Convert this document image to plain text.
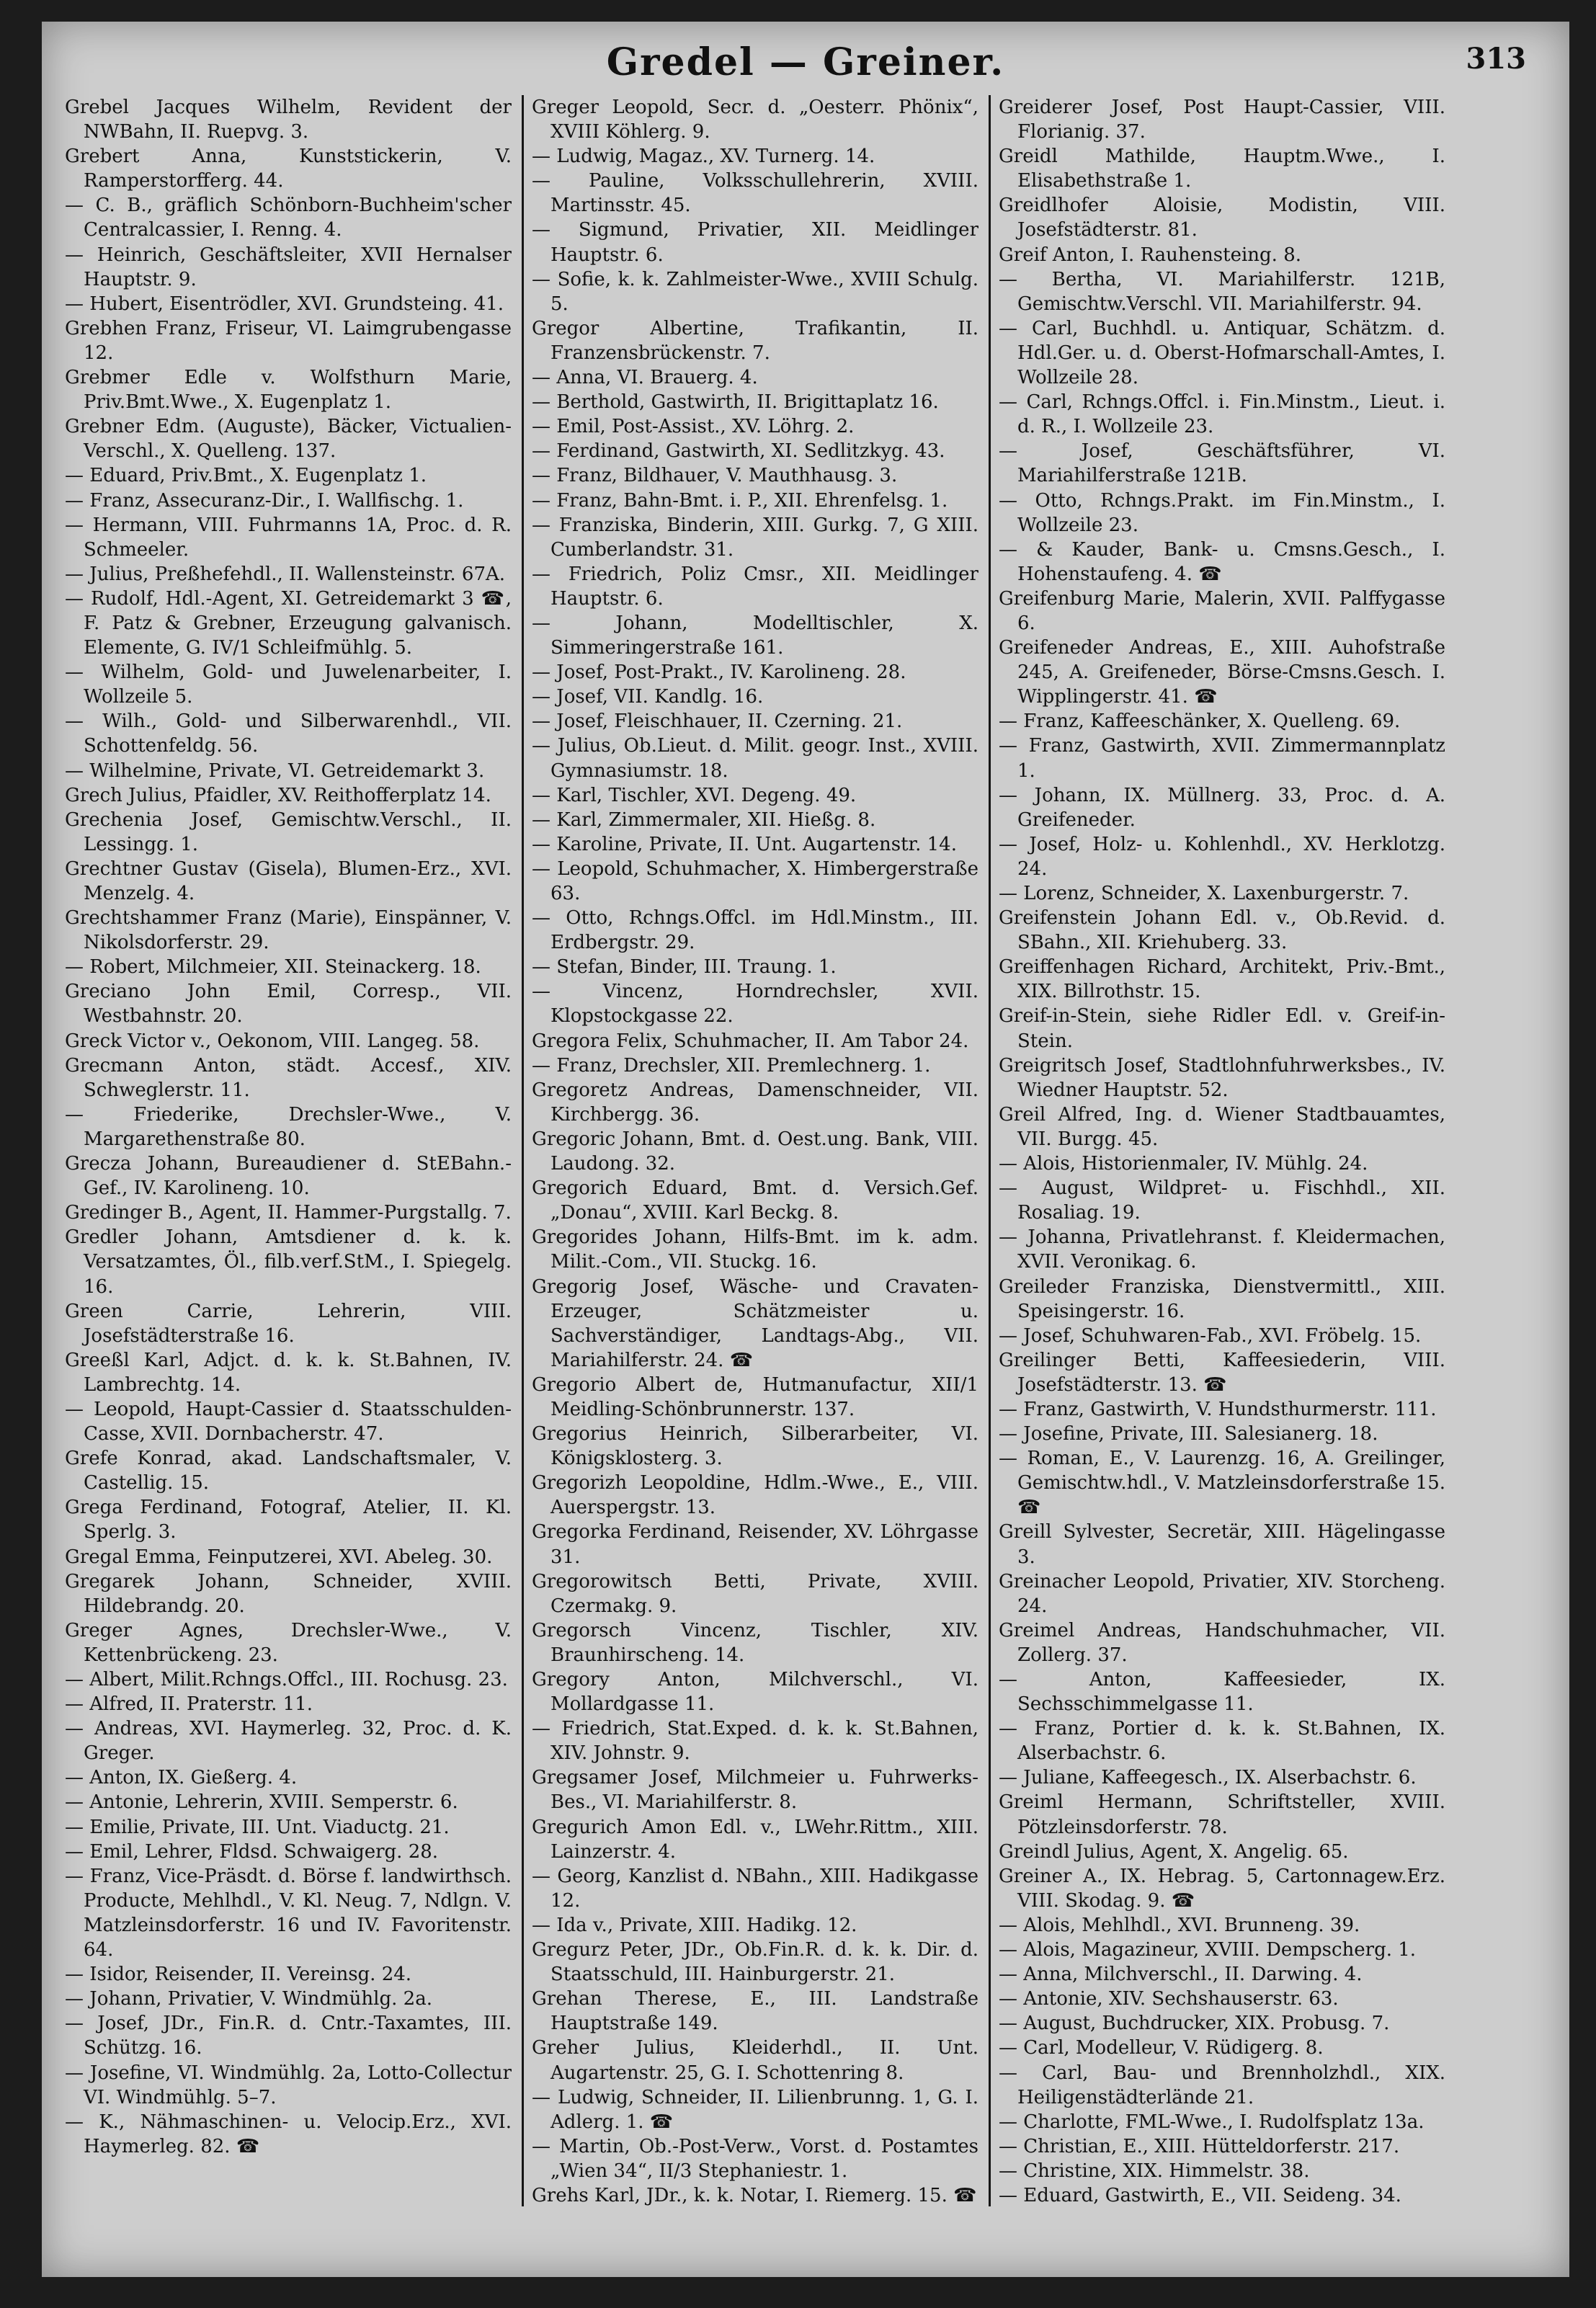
Gredel — Greiner.	313

Grebel Jacques Wilhelm, Revident der NWBahn, II. Ruepvg. 3.

Grebert Anna, Kunststickerin, V. Ramperstorfferg. 44.

— C. B., gräflich Schönborn-Buchheim'scher Centralcassier, I. Renng. 4.

— Heinrich, Geschäftsleiter, XVII Hernalser Hauptstr. 9.

— Hubert, Eisentrödler, XVI. Grundsteing. 41.

Grebhen Franz, Friseur, VI. Laimgrubengasse 12.

Grebmer Edle v. Wolfsthurn Marie, Priv.Bmt.Wwe., X. Eugenplatz 1.

Grebner Edm. (Auguste), Bäcker, Victualien-Verschl., X. Quelleng. 137.

— Eduard, Priv.Bmt., X. Eugenplatz 1.

— Franz, Assecuranz-Dir., I. Wallfischg. 1.

— Hermann, VIII. Fuhrmanns 1A, Proc. d. R. Schmeeler.

— Julius, Preßhefehdl., II. Wallensteinstr. 67A.

— Rudolf, Hdl.-Agent, XI. Getreidemarkt 3 ☎, F. Patz & Grebner, Erzeugung galvanisch. Elemente, G. IV/1 Schleifmühlg. 5.

— Wilhelm, Gold- und Juwelenarbeiter, I. Wollzeile 5.

— Wilh., Gold- und Silberwarenhdl., VII. Schottenfeldg. 56.

— Wilhelmine, Private, VI. Getreidemarkt 3.

Grech Julius, Pfaidler, XV. Reithofferplatz 14.

Grechenia Josef, Gemischtw.Verschl., II. Lessingg. 1.

Grechtner Gustav (Gisela), Blumen-Erz., XVI. Menzelg. 4.

Grechtshammer Franz (Marie), Einspänner, V. Nikolsdorferstr. 29.

— Robert, Milchmeier, XII. Steinackerg. 18.

Greciano John Emil, Corresp., VII. Westbahnstr. 20.

Greck Victor v., Oekonom, VIII. Langeg. 58.

Grecmann Anton, städt. Accesf., XIV. Schweglerstr. 11.

— Friederike, Drechsler-Wwe., V. Margarethenstraße 80.

Grecza Johann, Bureaudiener d. StEBahn.-Gef., IV. Karolineng. 10.

Gredinger B., Agent, II. Hammer-Purgstallg. 7.

Gredler Johann, Amtsdiener d. k. k. Versatzamtes, Öl., filb.verf.StM., I. Spiegelg. 16.

Green Carrie, Lehrerin, VIII. Josefstädterstraße 16.

Greeßl Karl, Adjct. d. k. k. St.Bahnen, IV. Lambrechtg. 14.

— Leopold, Haupt-Cassier d. Staatsschulden-Casse, XVII. Dornbacherstr. 47.

Grefe Konrad, akad. Landschaftsmaler, V. Castellig. 15.

Grega Ferdinand, Fotograf, Atelier, II. Kl. Sperlg. 3.

Gregal Emma, Feinputzerei, XVI. Abeleg. 30.

Gregarek Johann, Schneider, XVIII. Hildebrandg. 20.

Greger Agnes, Drechsler-Wwe., V. Kettenbrückeng. 23.

— Albert, Milit.Rchngs.Offcl., III. Rochusg. 23.

— Alfred, II. Praterstr. 11.

— Andreas, XVI. Haymerleg. 32, Proc. d. K. Greger.

— Anton, IX. Gießerg. 4.

— Antonie, Lehrerin, XVIII. Semperstr. 6.

— Emilie, Private, III. Unt. Viaductg. 21.

— Emil, Lehrer, Fldsd. Schwaigerg. 28.

— Franz, Vice-Präsdt. d. Börse f. landwirthsch. Producte, Mehlhdl., V. Kl. Neug. 7, Ndlgn. V. Matzleinsdorferstr. 16 und IV. Favoritenstr. 64.

— Isidor, Reisender, II. Vereinsg. 24.

— Johann, Privatier, V. Windmühlg. 2a.

— Josef, JDr., Fin.R. d. Cntr.-Taxamtes, III. Schützg. 16.

— Josefine, VI. Windmühlg. 2a, Lotto-Collectur VI. Windmühlg. 5–7.

— K., Nähmaschinen- u. Velocip.Erz., XVI. Haymerleg. 82. ☎

Greger Leopold, Secr. d. „Oesterr. Phönix“, XVIII Köhlerg. 9.

— Ludwig, Magaz., XV. Turnerg. 14.

— Pauline, Volksschullehrerin, XVIII. Martinsstr. 45.

— Sigmund, Privatier, XII. Meidlinger Hauptstr. 6.

— Sofie, k. k. Zahlmeister-Wwe., XVIII Schulg. 5.

Gregor Albertine, Trafikantin, II. Franzensbrückenstr. 7.

— Anna, VI. Brauerg. 4.

— Berthold, Gastwirth, II. Brigittaplatz 16.

— Emil, Post-Assist., XV. Löhrg. 2.

— Ferdinand, Gastwirth, XI. Sedlitzkyg. 43.

— Franz, Bildhauer, V. Mauthhausg. 3.

— Franz, Bahn-Bmt. i. P., XII. Ehrenfelsg. 1.

— Franziska, Binderin, XIII. Gurkg. 7, G XIII. Cumberlandstr. 31.

— Friedrich, Poliz Cmsr., XII. Meidlinger Hauptstr. 6.

— Johann, Modelltischler, X. Simmeringerstraße 161.

— Josef, Post-Prakt., IV. Karolineng. 28.

— Josef, VII. Kandlg. 16.

— Josef, Fleischhauer, II. Czerning. 21.

— Julius, Ob.Lieut. d. Milit. geogr. Inst., XVIII. Gymnasiumstr. 18.

— Karl, Tischler, XVI. Degeng. 49.

— Karl, Zimmermaler, XII. Hießg. 8.

— Karoline, Private, II. Unt. Augartenstr. 14.

— Leopold, Schuhmacher, X. Himbergerstraße 63.

— Otto, Rchngs.Offcl. im Hdl.Minstm., III. Erdbergstr. 29.

— Stefan, Binder, III. Traung. 1.

— Vincenz, Horndrechsler, XVII. Klopstockgasse 22.

Gregora Felix, Schuhmacher, II. Am Tabor 24.

— Franz, Drechsler, XII. Premlechnerg. 1.

Gregoretz Andreas, Damenschneider, VII. Kirchbergg. 36.

Gregoric Johann, Bmt. d. Oest.ung. Bank, VIII. Laudong. 32.

Gregorich Eduard, Bmt. d. Versich.Gef. „Donau“, XVIII. Karl Beckg. 8.

Gregorides Johann, Hilfs-Bmt. im k. adm. Milit.-Com., VII. Stuckg. 16.

Gregorig Josef, Wäsche- und Cravaten-Erzeuger, Schätzmeister u. Sachverständiger, Landtags-Abg., VII. Mariahilferstr. 24. ☎

Gregorio Albert de, Hutmanufactur, XII/1 Meidling-Schönbrunnerstr. 137.

Gregorius Heinrich, Silberarbeiter, VI. Königsklosterg. 3.

Gregorizh Leopoldine, Hdlm.-Wwe., E., VIII. Auerspergstr. 13.

Gregorka Ferdinand, Reisender, XV. Löhrgasse 31.

Gregorowitsch Betti, Private, XVIII. Czermakg. 9.

Gregorsch Vincenz, Tischler, XIV. Braunhirscheng. 14.

Gregory Anton, Milchverschl., VI. Mollardgasse 11.

— Friedrich, Stat.Exped. d. k. k. St.Bahnen, XIV. Johnstr. 9.

Gregsamer Josef, Milchmeier u. Fuhrwerks-Bes., VI. Mariahilferstr. 8.

Gregurich Amon Edl. v., LWehr.Rittm., XIII. Lainzerstr. 4.

— Georg, Kanzlist d. NBahn., XIII. Hadikgasse 12.

— Ida v., Private, XIII. Hadikg. 12.

Gregurz Peter, JDr., Ob.Fin.R. d. k. k. Dir. d. Staatsschuld, III. Hainburgerstr. 21.

Grehan Therese, E., III. Landstraße Hauptstraße 149.

Greher Julius, Kleiderhdl., II. Unt. Augartenstr. 25, G. I. Schottenring 8.

— Ludwig, Schneider, II. Lilienbrunng. 1, G. I. Adlerg. 1. ☎

— Martin, Ob.-Post-Verw., Vorst. d. Postamtes „Wien 34“, II/3 Stephaniestr. 1.

Grehs Karl, JDr., k. k. Notar, I. Riemerg. 15. ☎

Greiderer Josef, Post Haupt-Cassier, VIII. Florianig. 37.

Greidl Mathilde, Hauptm.Wwe., I. Elisabethstraße 1.

Greidlhofer Aloisie, Modistin, VIII. Josefstädterstr. 81.

Greif Anton, I. Rauhensteing. 8.

— Bertha, VI. Mariahilferstr. 121B, Gemischtw.Verschl. VII. Mariahilferstr. 94.

— Carl, Buchhdl. u. Antiquar, Schätzm. d. Hdl.Ger. u. d. Oberst-Hofmarschall-Amtes, I. Wollzeile 28.

— Carl, Rchngs.Offcl. i. Fin.Minstm., Lieut. i. d. R., I. Wollzeile 23.

— Josef, Geschäftsführer, VI. Mariahilferstraße 121B.

— Otto, Rchngs.Prakt. im Fin.Minstm., I. Wollzeile 23.

— & Kauder, Bank- u. Cmsns.Gesch., I. Hohenstaufeng. 4. ☎

Greifenburg Marie, Malerin, XVII. Palffygasse 6.

Greifeneder Andreas, E., XIII. Auhofstraße 245, A. Greifeneder, Börse-Cmsns.Gesch. I. Wipplingerstr. 41. ☎

— Franz, Kaffeeschänker, X. Quelleng. 69.

— Franz, Gastwirth, XVII. Zimmermannplatz 1.

— Johann, IX. Müllnerg. 33, Proc. d. A. Greifeneder.

— Josef, Holz- u. Kohlenhdl., XV. Herklotzg. 24.

— Lorenz, Schneider, X. Laxenburgerstr. 7.

Greifenstein Johann Edl. v., Ob.Revid. d. SBahn., XII. Kriehuberg. 33.

Greiffenhagen Richard, Architekt, Priv.-Bmt., XIX. Billrothstr. 15.

Greif-in-Stein, siehe Ridler Edl. v. Greif-in-Stein.

Greigritsch Josef, Stadtlohnfuhrwerksbes., IV. Wiedner Hauptstr. 52.

Greil Alfred, Ing. d. Wiener Stadtbauamtes, VII. Burgg. 45.

— Alois, Historienmaler, IV. Mühlg. 24.

— August, Wildpret- u. Fischhdl., XII. Rosaliag. 19.

— Johanna, Privatlehranst. f. Kleidermachen, XVII. Veronikag. 6.

Greileder Franziska, Dienstvermittl., XIII. Speisingerstr. 16.

— Josef, Schuhwaren-Fab., XVI. Fröbelg. 15.

Greilinger Betti, Kaffeesiederin, VIII. Josefstädterstr. 13. ☎

— Franz, Gastwirth, V. Hundsthurmerstr. 111.

— Josefine, Private, III. Salesianerg. 18.

— Roman, E., V. Laurenzg. 16, A. Greilinger, Gemischtw.hdl., V. Matzleinsdorferstraße 15. ☎

Greill Sylvester, Secretär, XIII. Hägelingasse 3.

Greinacher Leopold, Privatier, XIV. Storcheng. 24.

Greimel Andreas, Handschuhmacher, VII. Zollerg. 37.

— Anton, Kaffeesieder, IX. Sechsschimmelgasse 11.

— Franz, Portier d. k. k. St.Bahnen, IX. Alserbachstr. 6.

— Juliane, Kaffeegesch., IX. Alserbachstr. 6.

Greiml Hermann, Schriftsteller, XVIII. Pötzleinsdorferstr. 78.

Greindl Julius, Agent, X. Angelig. 65.

Greiner A., IX. Hebrag. 5, Cartonnagew.Erz. VIII. Skodag. 9. ☎

— Alois, Mehlhdl., XVI. Brunneng. 39.

— Alois, Magazineur, XVIII. Dempscherg. 1.

— Anna, Milchverschl., II. Darwing. 4.

— Antonie, XIV. Sechshauserstr. 63.

— August, Buchdrucker, XIX. Probusg. 7.

— Carl, Modelleur, V. Rüdigerg. 8.

— Carl, Bau- und Brennholzhdl., XIX. Heiligenstädterlände 21.

— Charlotte, FML-Wwe., I. Rudolfsplatz 13a.

— Christian, E., XIII. Hütteldorferstr. 217.

— Christine, XIX. Himmelstr. 38.

— Eduard, Gastwirth, E., VII. Seideng. 34.
